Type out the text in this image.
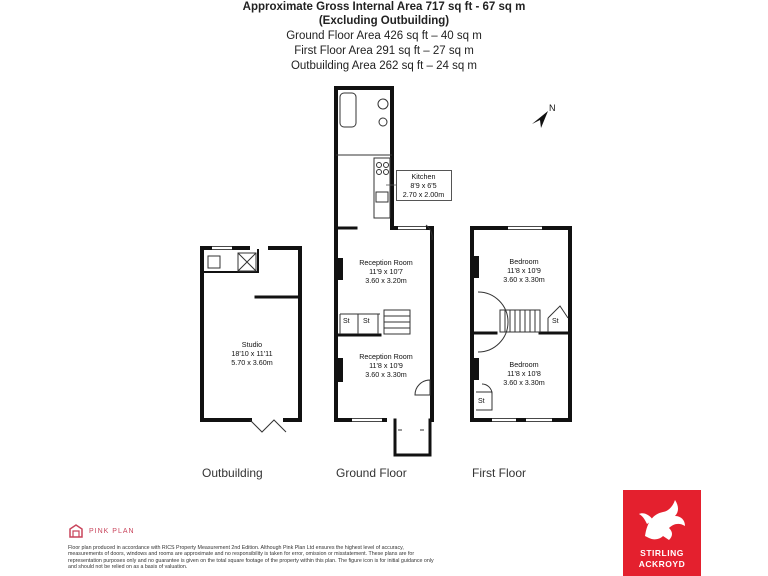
Approximate Gross Internal Area 717 sq ft - 67 sq m
(Excluding Outbuilding)
Ground Floor Area 426 sq ft – 40 sq m
First Floor Area 291 sq ft – 27 sq m
Outbuilding Area 262 sq ft – 24 sq m
N
Kitchen
8'9 x 6'5
2.70 x 2.00m
Reception Room
11'9 x 10'7
3.60 x 3.20m
Reception Room
11'8 x 10'9
3.60 x 3.30m
Studio
18'10 x 11'11
5.70 x 3.60m
Bedroom
11'8 x 10'9
3.60 x 3.30m
Bedroom
11'8 x 10'8
3.60 x 3.30m
St St	St
St
Outbuilding	Ground Floor	First Floor
PINK PLAN
Floor plan produced in accordance with RICS Property Measurement 2nd Edition. Although Pink Plan Ltd ensures the highest level of accuracy, measurements of doors, windows and rooms are approximate and no responsibility is taken for error, omission or misstatement. These plans are for representation purposes only and no guarantee is given on the total square footage of the property within this plan. The figure icon is for initial guidance only and should not be relied on as a basis of valuation.
STIRLING
ACKROYD
